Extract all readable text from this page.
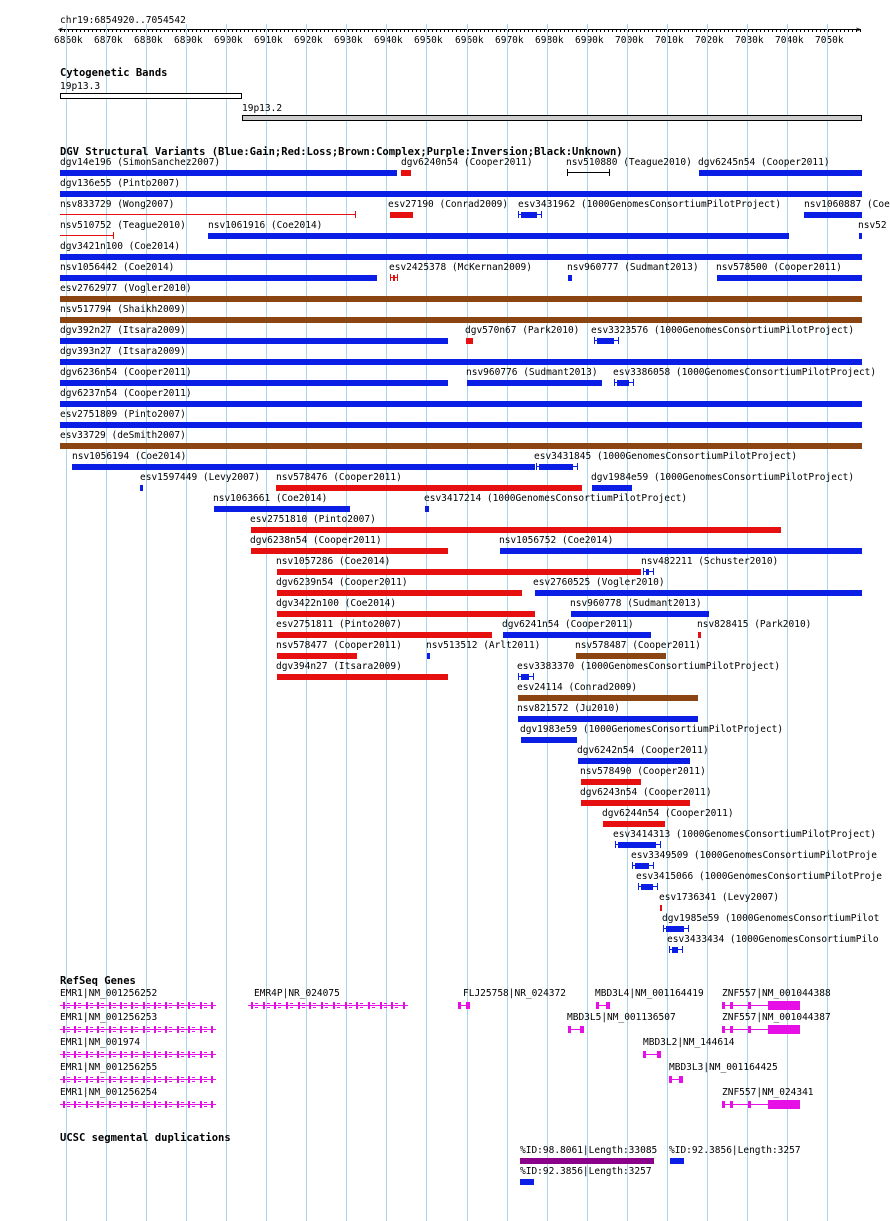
chr19:6854920..7054542
6860k 6870k 6880k 6890k 6900k 6910k 6920k 6930k 6940k 6950k 6960k 6970k 6980k 6990k 7000k 7010k 7020k 7030k 7040k 7050k
<	>
Cytogenetic Bands
19p13.3
19p13.2
DGV Structural Variants (Blue:Gain;Red:Loss;Brown:Complex;Purple:Inversion;Black:Unknown)
dgv14e196 (SimonSanchez2007)	dgv6240n54 (Cooper2011)	nsv510880 (Teague2010) dgv6245n54 (Cooper2011)
dgv136e55 (Pinto2007)
nsv833729 (Wong2007)	esv27190 (Conrad2009) esv3431962 (1000GenomesConsortiumPilotProject) nsv1060887 (Coe
nsv510752 (Teague2010) nsv1061916 (Coe2014)	nsv52
dgv3421n100 (Coe2014)
nsv1056442 (Coe2014)	esv2425378 (McKernan2009)	nsv960777 (Sudmant2013) nsv578500 (Cooper2011)
esv2762977 (Vogler2010)
nsv517794 (Shaikh2009)
dgv392n27 (Itsara2009)	dgv570n67 (Park2010) esv3323576 (1000GenomesConsortiumPilotProject)
dgv393n27 (Itsara2009)
dgv6236n54 (Cooper2011)	nsv960776 (Sudmant2013) esv3386058 (1000GenomesConsortiumPilotProject)
dgv6237n54 (Cooper2011)
esv2751809 (Pinto2007)
esv33729 (deSmith2007)
nsv1056194 (Coe2014)	esv3431845 (1000GenomesConsortiumPilotProject)
esv1597449 (Levy2007) nsv578476 (Cooper2011)	dgv1984e59 (1000GenomesConsortiumPilotProject)
nsv1063661 (Coe2014)	esv3417214 (1000GenomesConsortiumPilotProject)
esv2751810 (Pinto2007)
dgv6238n54 (Cooper2011)	nsv1056752 (Coe2014)
nsv1057286 (Coe2014)	nsv482211 (Schuster2010)
dgv6239n54 (Cooper2011)	esv2760525 (Vogler2010)
dgv3422n100 (Coe2014)	nsv960778 (Sudmant2013)
esv2751811 (Pinto2007)	dgv6241n54 (Cooper2011)	nsv828415 (Park2010)
nsv578477 (Cooper2011)	nsv513512 (Arlt2011)	nsv578487 (Cooper2011)
dgv394n27 (Itsara2009)	esv3383370 (1000GenomesConsortiumPilotProject)
esv24114 (Conrad2009)
nsv821572 (Ju2010)
dgv1983e59 (1000GenomesConsortiumPilotProject)
dgv6242n54 (Cooper2011)
nsv578490 (Cooper2011)
dgv6243n54 (Cooper2011)
dgv6244n54 (Cooper2011)
esv3414313 (1000GenomesConsortiumPilotProject)
esv3349509 (1000GenomesConsortiumPilotProje
esv3415066 (1000GenomesConsortiumPilotProje
esv1736341 (Levy2007)
dgv1985e59 (1000GenomesConsortiumPilot
esv3433434 (1000GenomesConsortiumPilo
RefSeq Genes
EMR1|NM_001256252	EMR4P|NR_024075	FLJ25758|NR_024372	MBD3L4|NM_001164419 ZNF557|NM_001044388
EMR1|NM_001256253	MBD3L5|NM_001136507	ZNF557|NM_001044387
EMR1|NM_001974	MBD3L2|NM_144614
EMR1|NM_001256255	MBD3L3|NM_001164425
EMR1|NM_001256254	ZNF557|NM_024341
UCSC segmental duplications
%ID:98.8061|Length:33085 %ID:92.3856|Length:3257
%ID:92.3856|Length:3257
